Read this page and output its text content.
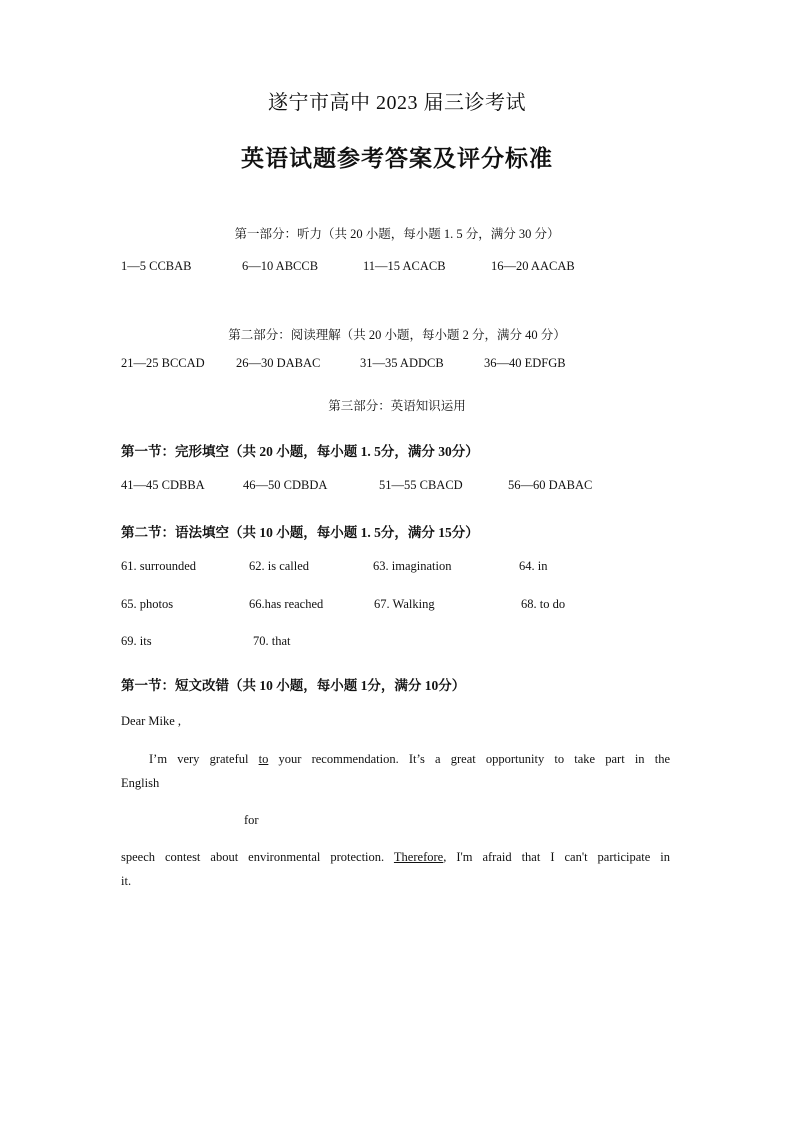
遂宁市高中 2023 届三诊考试
英语试题参考答案及评分标准
第一部分：听力（共 20 小题，每小题 1. 5 分，满分 30 分）
1—5 CCBAB	6—10 ABCCB	11—15 ACACB	16—20 AACAB
第二部分：阅读理解（共 20 小题，每小题 2 分，满分 40 分）
21—25 BCCAD	26—30 DABAC	31—35 ADDCB	36—40 EDFGB
第三部分：英语知识运用
第一节：完形填空（共 20 小题，每小题 1. 5分，满分 30分）
41—45 CDBBA	46—50 CDBDA	51—55 CBACD	56—60 DABAC
第二节：语法填空（共 10 小题，每小题 1. 5分，满分 15分）
61. surrounded	62. is called	63. imagination	64. in
65. photos	66.has reached	67. Walking	68. to do
69. its	70. that
第一节：短文改错（共 10 小题，每小题 1分，满分 10分）
Dear Mike ,
I’m very grateful to your recommendation. It’s a great opportunity to take part in the
English
for
speech contest about environmental protection. Therefore, I'm afraid that I can't participate in
it.
